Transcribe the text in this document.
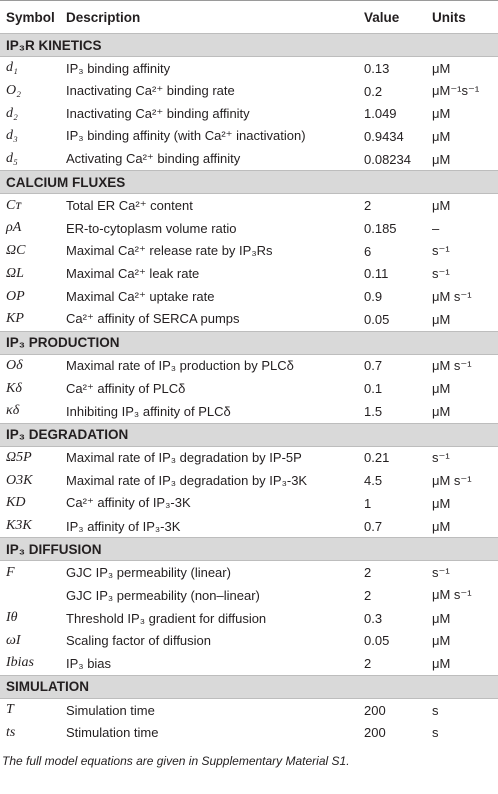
Symbol	Description	Value	Units
IP₃R KINETICS			
d₁	IP₃ binding affinity	0.13	μM
O₂	Inactivating Ca²⁺ binding rate	0.2	μM⁻¹s⁻¹
d₂	Inactivating Ca²⁺ binding affinity	1.049	μM
d₃	IP₃ binding affinity (with Ca²⁺ inactivation)	0.9434	μM
d₅	Activating Ca²⁺ binding affinity	0.08234	μM
CALCIUM FLUXES			
Cᴛ	Total ER Ca²⁺ content	2	μM
ρA	ER-to-cytoplasm volume ratio	0.185	–
ΩC	Maximal Ca²⁺ release rate by IP₃Rs	6	s⁻¹
ΩL	Maximal Ca²⁺ leak rate	0.11	s⁻¹
OP	Maximal Ca²⁺ uptake rate	0.9	μM s⁻¹
KP	Ca²⁺ affinity of SERCA pumps	0.05	μM
IP₃ PRODUCTION			
Oδ	Maximal rate of IP₃ production by PLCδ	0.7	μM s⁻¹
Kδ	Ca²⁺ affinity of PLCδ	0.1	μM
κδ	Inhibiting IP₃ affinity of PLCδ	1.5	μM
IP₃ DEGRADATION			
Ω5P	Maximal rate of IP₃ degradation by IP-5P	0.21	s⁻¹
O3K	Maximal rate of IP₃ degradation by IP₃-3K	4.5	μM s⁻¹
KD	Ca²⁺ affinity of IP₃-3K	1	μM
K3K	IP₃ affinity of IP₃-3K	0.7	μM
IP₃ DIFFUSION			
F	GJC IP₃ permeability (linear)	2	s⁻¹
	GJC IP₃ permeability (non–linear)	2	μM s⁻¹
Iθ	Threshold IP₃ gradient for diffusion	0.3	μM
ωI	Scaling factor of diffusion	0.05	μM
Ibias	IP₃ bias	2	μM
SIMULATION			
T	Simulation time	200	s
ts	Stimulation time	200	s
The full model equations are given in Supplementary Material S1.
